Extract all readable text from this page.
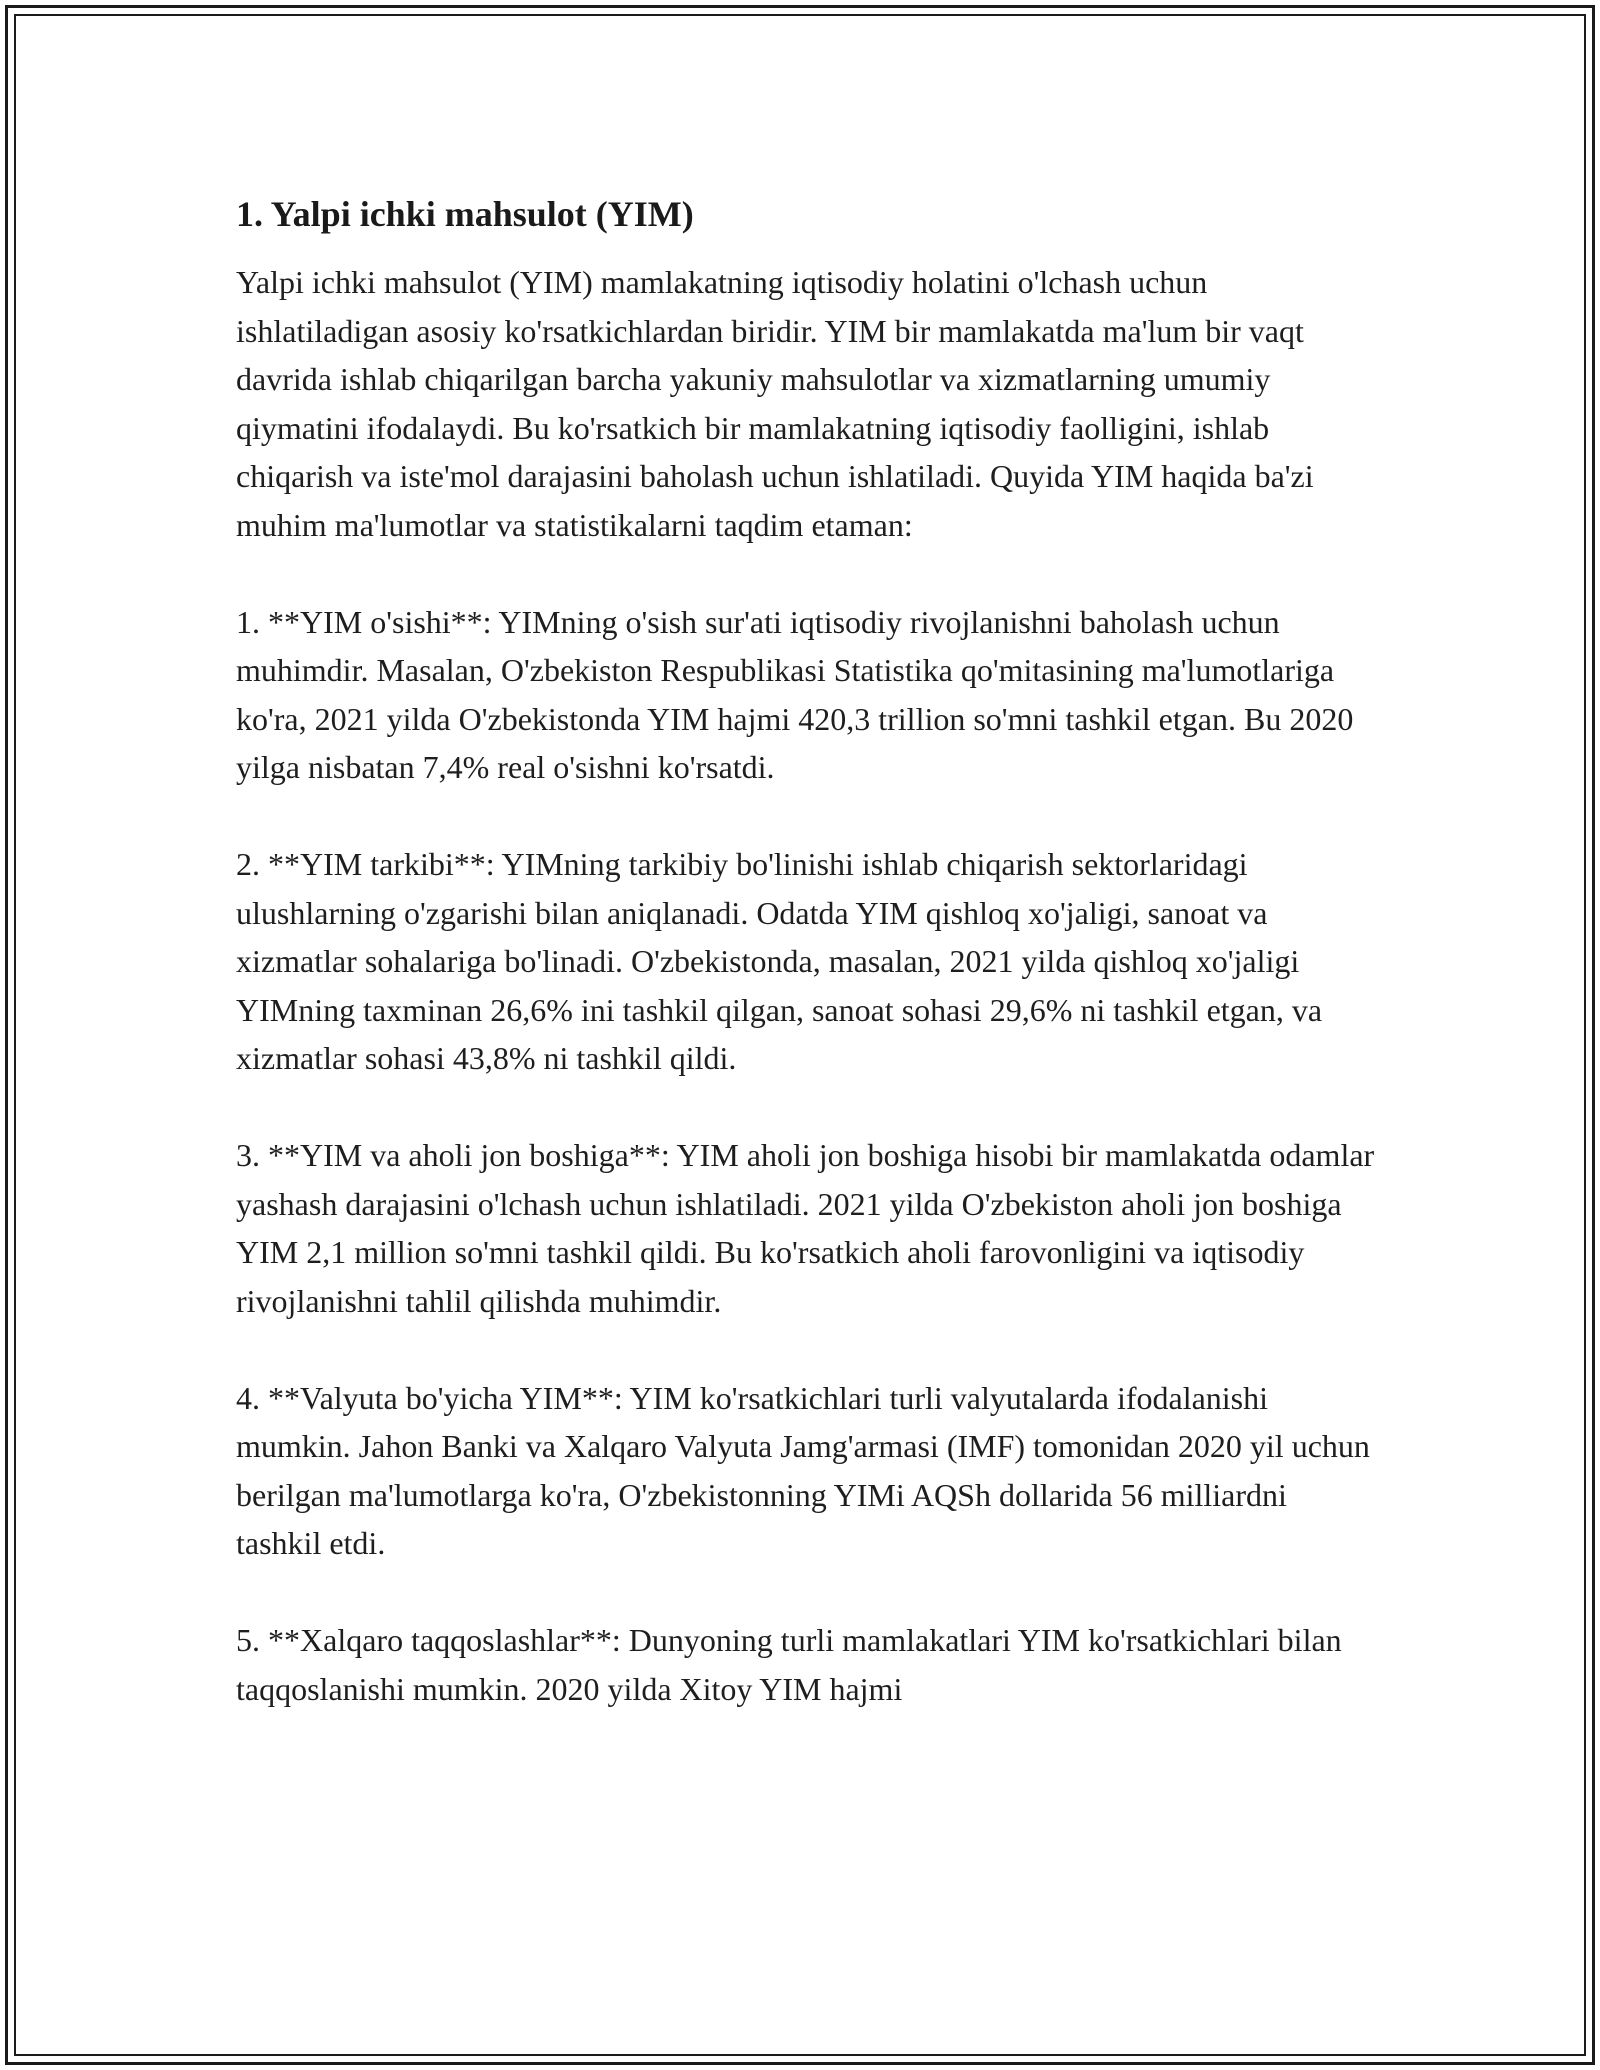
1. Yalpi ichki mahsulot (YIM)

Yalpi ichki mahsulot (YIM) mamlakatning iqtisodiy holatini o'lchash uchun ishlatiladigan asosiy ko'rsatkichlardan biridir. YIM bir mamlakatda ma'lum bir vaqt davrida ishlab chiqarilgan barcha yakuniy mahsulotlar va xizmatlarning umumiy qiymatini ifodalaydi. Bu ko'rsatkich bir mamlakatning iqtisodiy faolligini, ishlab chiqarish va iste'mol darajasini baholash uchun ishlatiladi. Quyida YIM haqida ba'zi muhim ma'lumotlar va statistikalarni taqdim etaman:

1. **YIM o'sishi**: YIMning o'sish sur'ati iqtisodiy rivojlanishni baholash uchun muhimdir. Masalan, O'zbekiston Respublikasi Statistika qo'mitasining ma'lumotlariga ko'ra, 2021 yilda O'zbekistonda YIM hajmi 420,3 trillion so'mni tashkil etgan. Bu 2020 yilga nisbatan 7,4% real o'sishni ko'rsatdi.

2. **YIM tarkibi**: YIMning tarkibiy bo'linishi ishlab chiqarish sektorlaridagi ulushlarning o'zgarishi bilan aniqlanadi. Odatda YIM qishloq xo'jaligi, sanoat va xizmatlar sohalariga bo'linadi. O'zbekistonda, masalan, 2021 yilda qishloq xo'jaligi YIMning taxminan 26,6% ini tashkil qilgan, sanoat sohasi 29,6% ni tashkil etgan, va xizmatlar sohasi 43,8% ni tashkil qildi.

3. **YIM va aholi jon boshiga**: YIM aholi jon boshiga hisobi bir mamlakatda odamlar yashash darajasini o'lchash uchun ishlatiladi. 2021 yilda O'zbekiston aholi jon boshiga YIM 2,1 million so'mni tashkil qildi. Bu ko'rsatkich aholi farovonligini va iqtisodiy rivojlanishni tahlil qilishda muhimdir.

4. **Valyuta bo'yicha YIM**: YIM ko'rsatkichlari turli valyutalarda ifodalanishi mumkin. Jahon Banki va Xalqaro Valyuta Jamg'armasi (IMF) tomonidan 2020 yil uchun berilgan ma'lumotlarga ko'ra, O'zbekistonning YIMi AQSh dollarida 56 milliardni tashkil etdi.

5. **Xalqaro taqqoslashlar**: Dunyoning turli mamlakatlari YIM ko'rsatkichlari bilan taqqoslanishi mumkin. 2020 yilda Xitoy YIM hajmi
